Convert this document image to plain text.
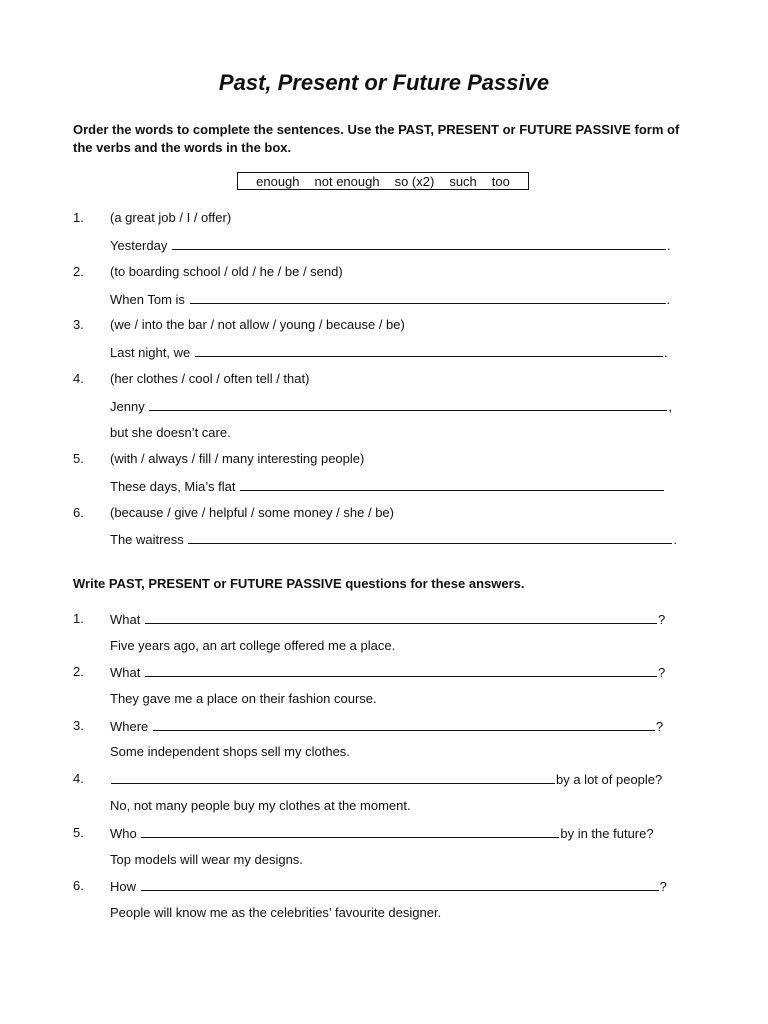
Past, Present or Future Passive
Order the words to complete the sentences. Use the PAST, PRESENT or FUTURE PASSIVE form of the verbs and the words in the box.
enough not enough so (x2) such too
1. (a great job / I / offer)
Yesterday
	.
2. (to boarding school / old / he / be / send)
When Tom is
	.
3. (we / into the bar / not allow / young / because / be)
Last night, we
	.
4. (her clothes / cool / often tell / that)
Jenny
	,
but she doesn’t care.
5. (with / always / fill / many interesting people)
These days, Mia’s flat

6. (because / give / helpful / some money / she / be)
The waitress
	.
Write PAST, PRESENT or FUTURE PASSIVE questions for these answers.
1. What
	?
Five years ago, an art college offered me a place.
2. What
	?
They gave me a place on their fashion course.
3. Where
	?
Some independent shops sell my clothes.
4.	by a lot of people?
No, not many people buy my clothes at the moment.
5. Who
	by in the future?
Top models will wear my designs.
6. How
	?
People will know me as the celebrities’ favourite designer.
